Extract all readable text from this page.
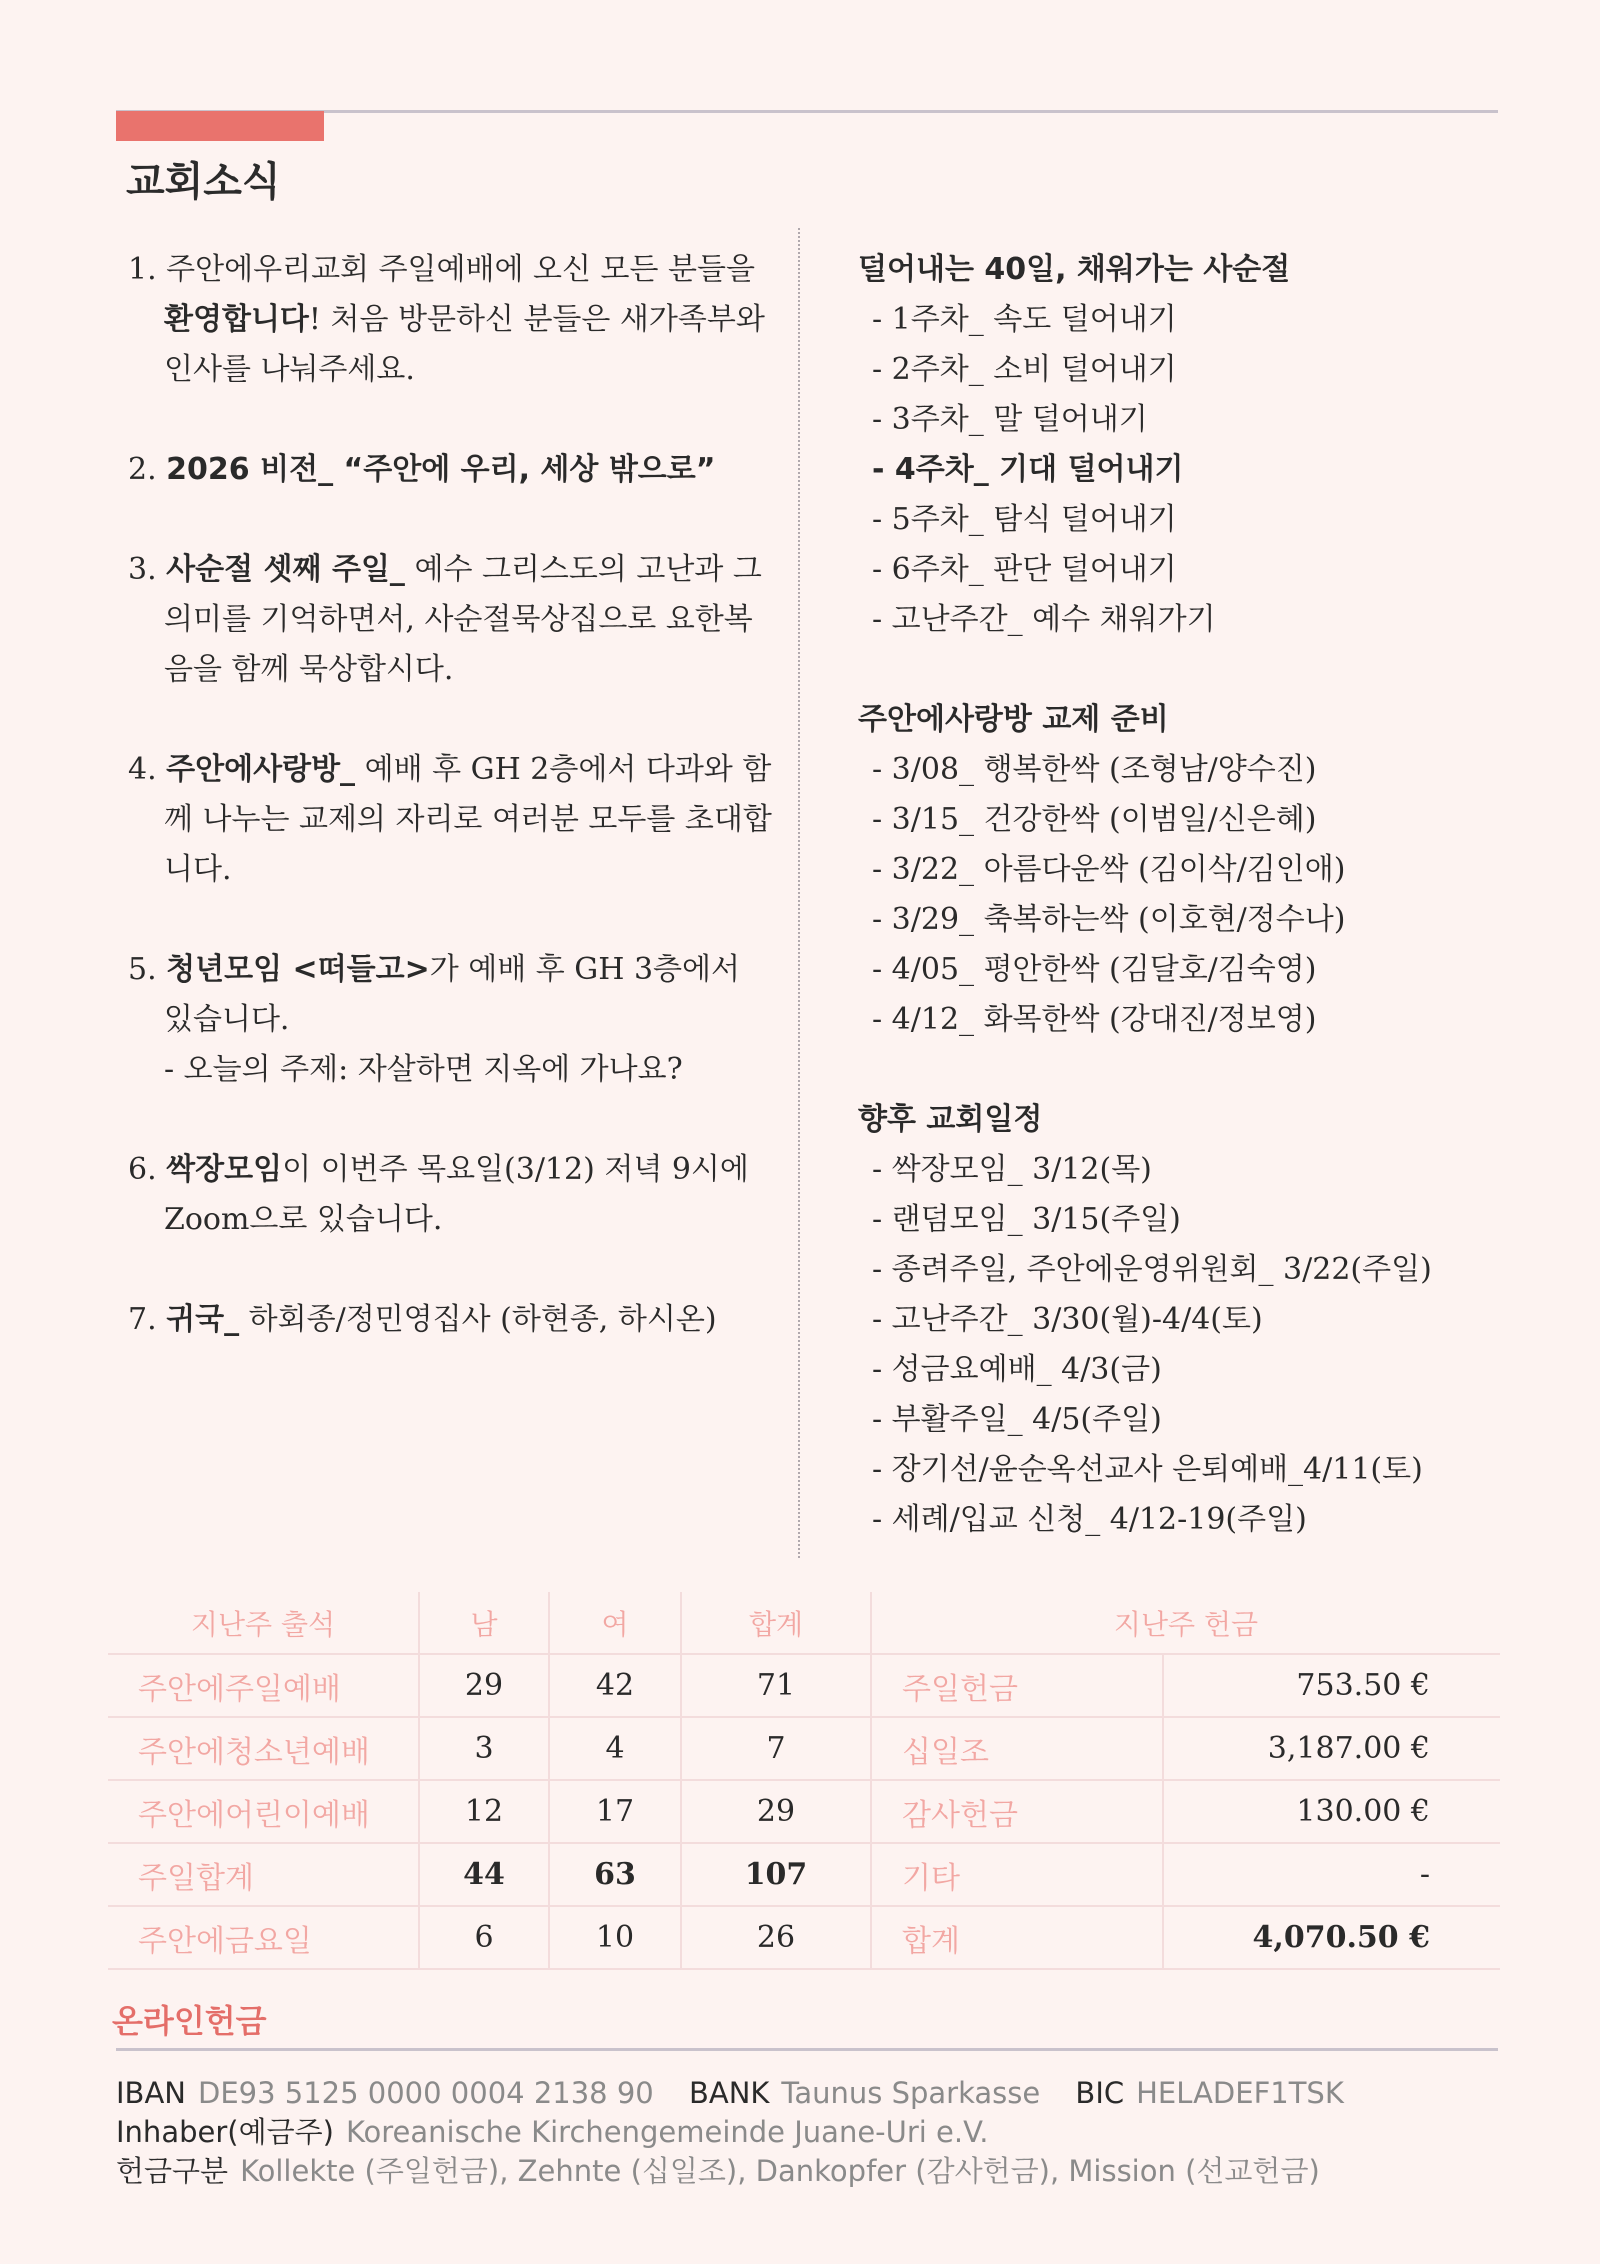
교회소식

1. 주안에우리교회 주일예배에 오신 모든 분들을 환영합니다! 처음 방문하신 분들은 새가족부와 인사를 나눠주세요.

2. 2026 비전_ “주안에 우리, 세상 밖으로”

3. 사순절 셋째 주일_ 예수 그리스도의 고난과 그 의미를 기억하면서, 사순절묵상집으로 요한복음을 함께 묵상합시다.

4. 주안에사랑방_ 예배 후 GH 2층에서 다과와 함께 나누는 교제의 자리로 여러분 모두를 초대합니다.

5. 청년모임 <떠들고>가 예배 후 GH 3층에서 있습니다.

- 오늘의 주제: 자살하면 지옥에 가나요?

6. 싹장모임이 이번주 목요일(3/12) 저녁 9시에 Zoom으로 있습니다.

7. 귀국_ 하회종/정민영집사 (하현종, 하시온)

덜어내는 40일, 채워가는 사순절

- 1주차_ 속도 덜어내기
- 2주차_ 소비 덜어내기
- 3주차_ 말 덜어내기
- 4주차_ 기대 덜어내기
- 5주차_ 탐식 덜어내기
- 6주차_ 판단 덜어내기
- 고난주간_ 예수 채워가기

주안에사랑방 교제 준비

- 3/08_ 행복한싹 (조형남/양수진)
- 3/15_ 건강한싹 (이범일/신은혜)
- 3/22_ 아름다운싹 (김이삭/김인애)
- 3/29_ 축복하는싹 (이호현/정수나)
- 4/05_ 평안한싹 (김달호/김숙영)
- 4/12_ 화목한싹 (강대진/정보영)

향후 교회일정

- 싹장모임_ 3/12(목)
- 랜덤모임_ 3/15(주일)
- 종려주일, 주안에운영위원회_ 3/22(주일)
- 고난주간_ 3/30(월)-4/4(토)
- 성금요예배_ 4/3(금)
- 부활주일_ 4/5(주일)
- 장기선/윤순옥선교사 은퇴예배_4/11(토)
- 세례/입교 신청_ 4/12-19(주일)
지난주 출석	남	여	합계	지난주 헌금	
주안에주일예배	29	42	71	주일헌금	753.50 €
주안에청소년예배	3	4	7	십일조	3,187.00 €
주안에어린이예배	12	17	29	감사헌금	130.00 €
주일합계	44	63	107	기타	-
주안에금요일	6	10	26	합계	4,070.50 €
온라인헌금
IBAN DE93 5125 0000 0004 2138 90 BANK Taunus Sparkasse BIC HELADEF1TSK
Inhaber(예금주) Koreanische Kirchengemeinde Juane-Uri e.V.
헌금구분 Kollekte (주일헌금), Zehnte (십일조), Dankopfer (감사헌금), Mission (선교헌금)
